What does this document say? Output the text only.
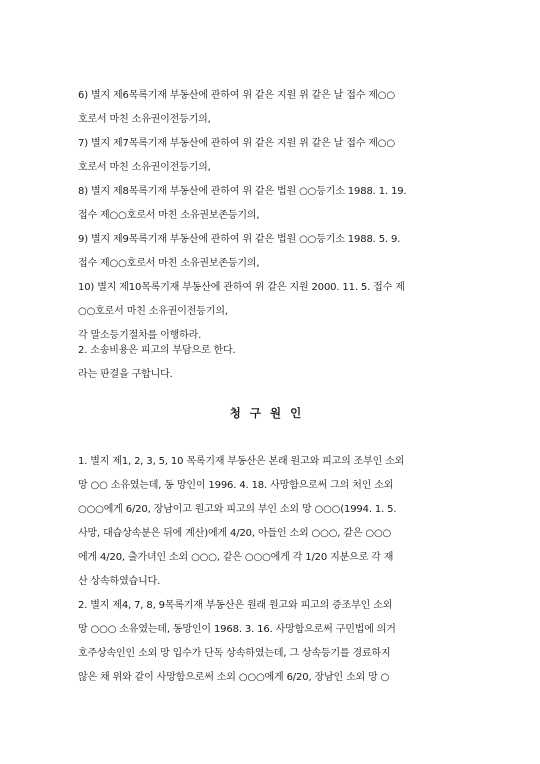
6) 별지 제6목록기재 부동산에 관하여 위 같은 지원 위 같은 날 접수 제○○
호로서 마친 소유권이전등기의,
7) 별지 제7목록기재 부동산에 관하여 위 같은 지원 위 같은 날 접수 제○○
호로서 마친 소유권이전등기의,
8) 별지 제8목록기재 부동산에 관하여 위 같은 법원 ○○등기소 1988. 1. 19.
접수 제○○호로서 마친 소유권보존등기의,
9) 별지 제9목록기재 부동산에 관하여 위 같은 법원 ○○등기소 1988. 5. 9.
접수 제○○호로서 마친 소유권보존등기의,
10) 별지 제10목록기재 부동산에 관하여 위 같은 지원 2000. 11. 5. 접수 제
○○호로서 마친 소유권이전등기의,
각 말소등기절차를 이행하라.
2. 소송비용은 피고의 부담으로 한다.
라는 판결을 구합니다.
청구원인
1. 별지 제1, 2, 3, 5, 10 목록기재 부동산은 본래 원고와 피고의 조부인 소외
망 ○○ 소유였는데, 동 망인이 1996. 4. 18. 사망함으로써 그의 처인 소외
○○○에게 6/20, 장남이고 원고와 피고의 부인 소외 망 ○○○(1994. 1. 5.
사망, 대습상속분은 뒤에 계산)에게 4/20, 아들인 소외 ○○○, 같은 ○○○
에게 4/20, 출가녀인 소외 ○○○, 같은 ○○○에게 각 1/20 지분으로 각 재
산 상속하였습니다.
2. 별지 제4, 7, 8, 9목록기재 부동산은 원래 원고와 피고의 증조부인 소외
망 ○○○ 소유였는데, 동망인이 1968. 3. 16. 사망함으로써 구민법에 의거
호주상속인인 소외 망 입수가 단독 상속하였는데, 그 상속등기를 경료하지
않은 채 위와 같이 사망함으로써 소외 ○○○에게 6/20, 장남인 소외 망 ○
